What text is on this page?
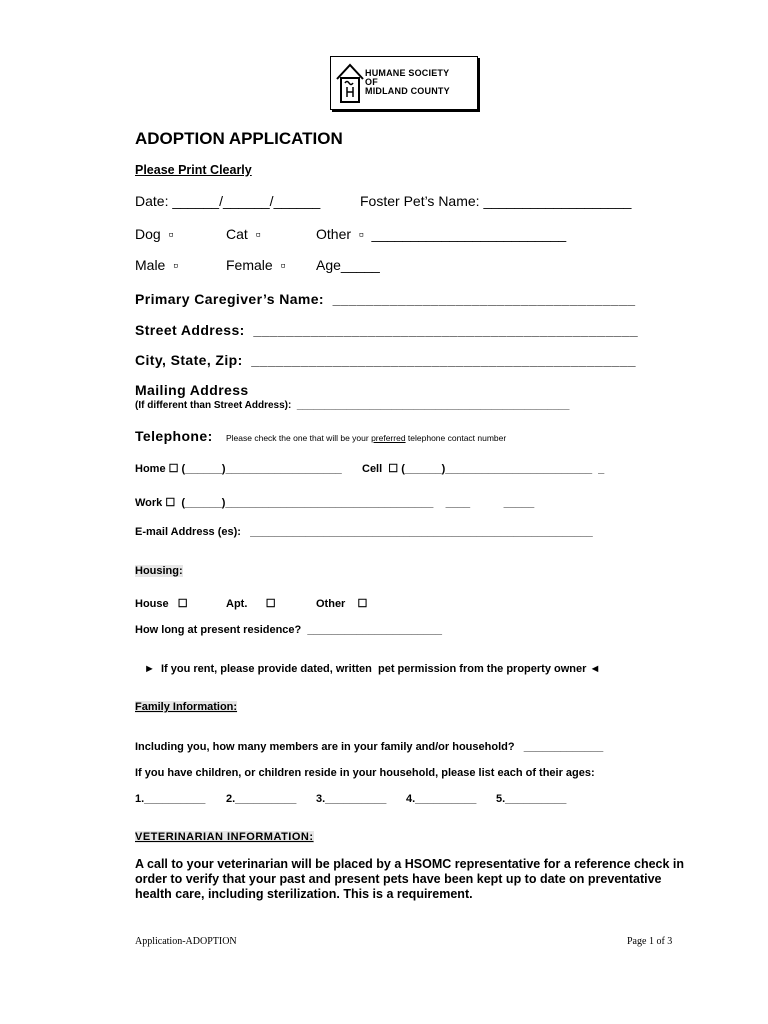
HUMANE SOCIETY
OF
MIDLAND COUNTY
ADOPTION APPLICATION
Please Print Clearly
Date: ______/______/______	Foster Pet’s Name: ___________________
Dog  ▫	Cat  ▫	Other  ▫  _________________________
Male  ▫	Female  ▫ Age_____
Primary Caregiver’s Name:  _____________________________________
Street Address:  _______________________________________________
City, State, Zip:  _______________________________________________
Mailing Address
(If different than Street Address):  _________________________________________________
Telephone: Please check the one that will be your preferred telephone contact number
Home ☐ (______)___________________ Cell  ☐ (______)________________________  _
Work ☐  (______)__________________________________    ____           _____
E-mail Address (es):   ________________________________________________________
Housing:
House   ☐	Apt.      ☐	Other    ☐
How long at present residence?  ______________________
►  If you rent, please provide dated, written  pet permission from the property owner ◄
Family Information:
Including you, how many members are in your family and/or household?   _____________
If you have children, or children reside in your household, please list each of their ages:
1.__________ 2.__________ 3.__________ 4.__________ 5.__________
VETERINARIAN INFORMATION:
A call to your veterinarian will be placed by a HSOMC representative for a reference check in order to verify that your past and present pets have been kept up to date on preventative health care, including sterilization. This is a requirement.
Application-ADOPTION	Page 1 of 3
